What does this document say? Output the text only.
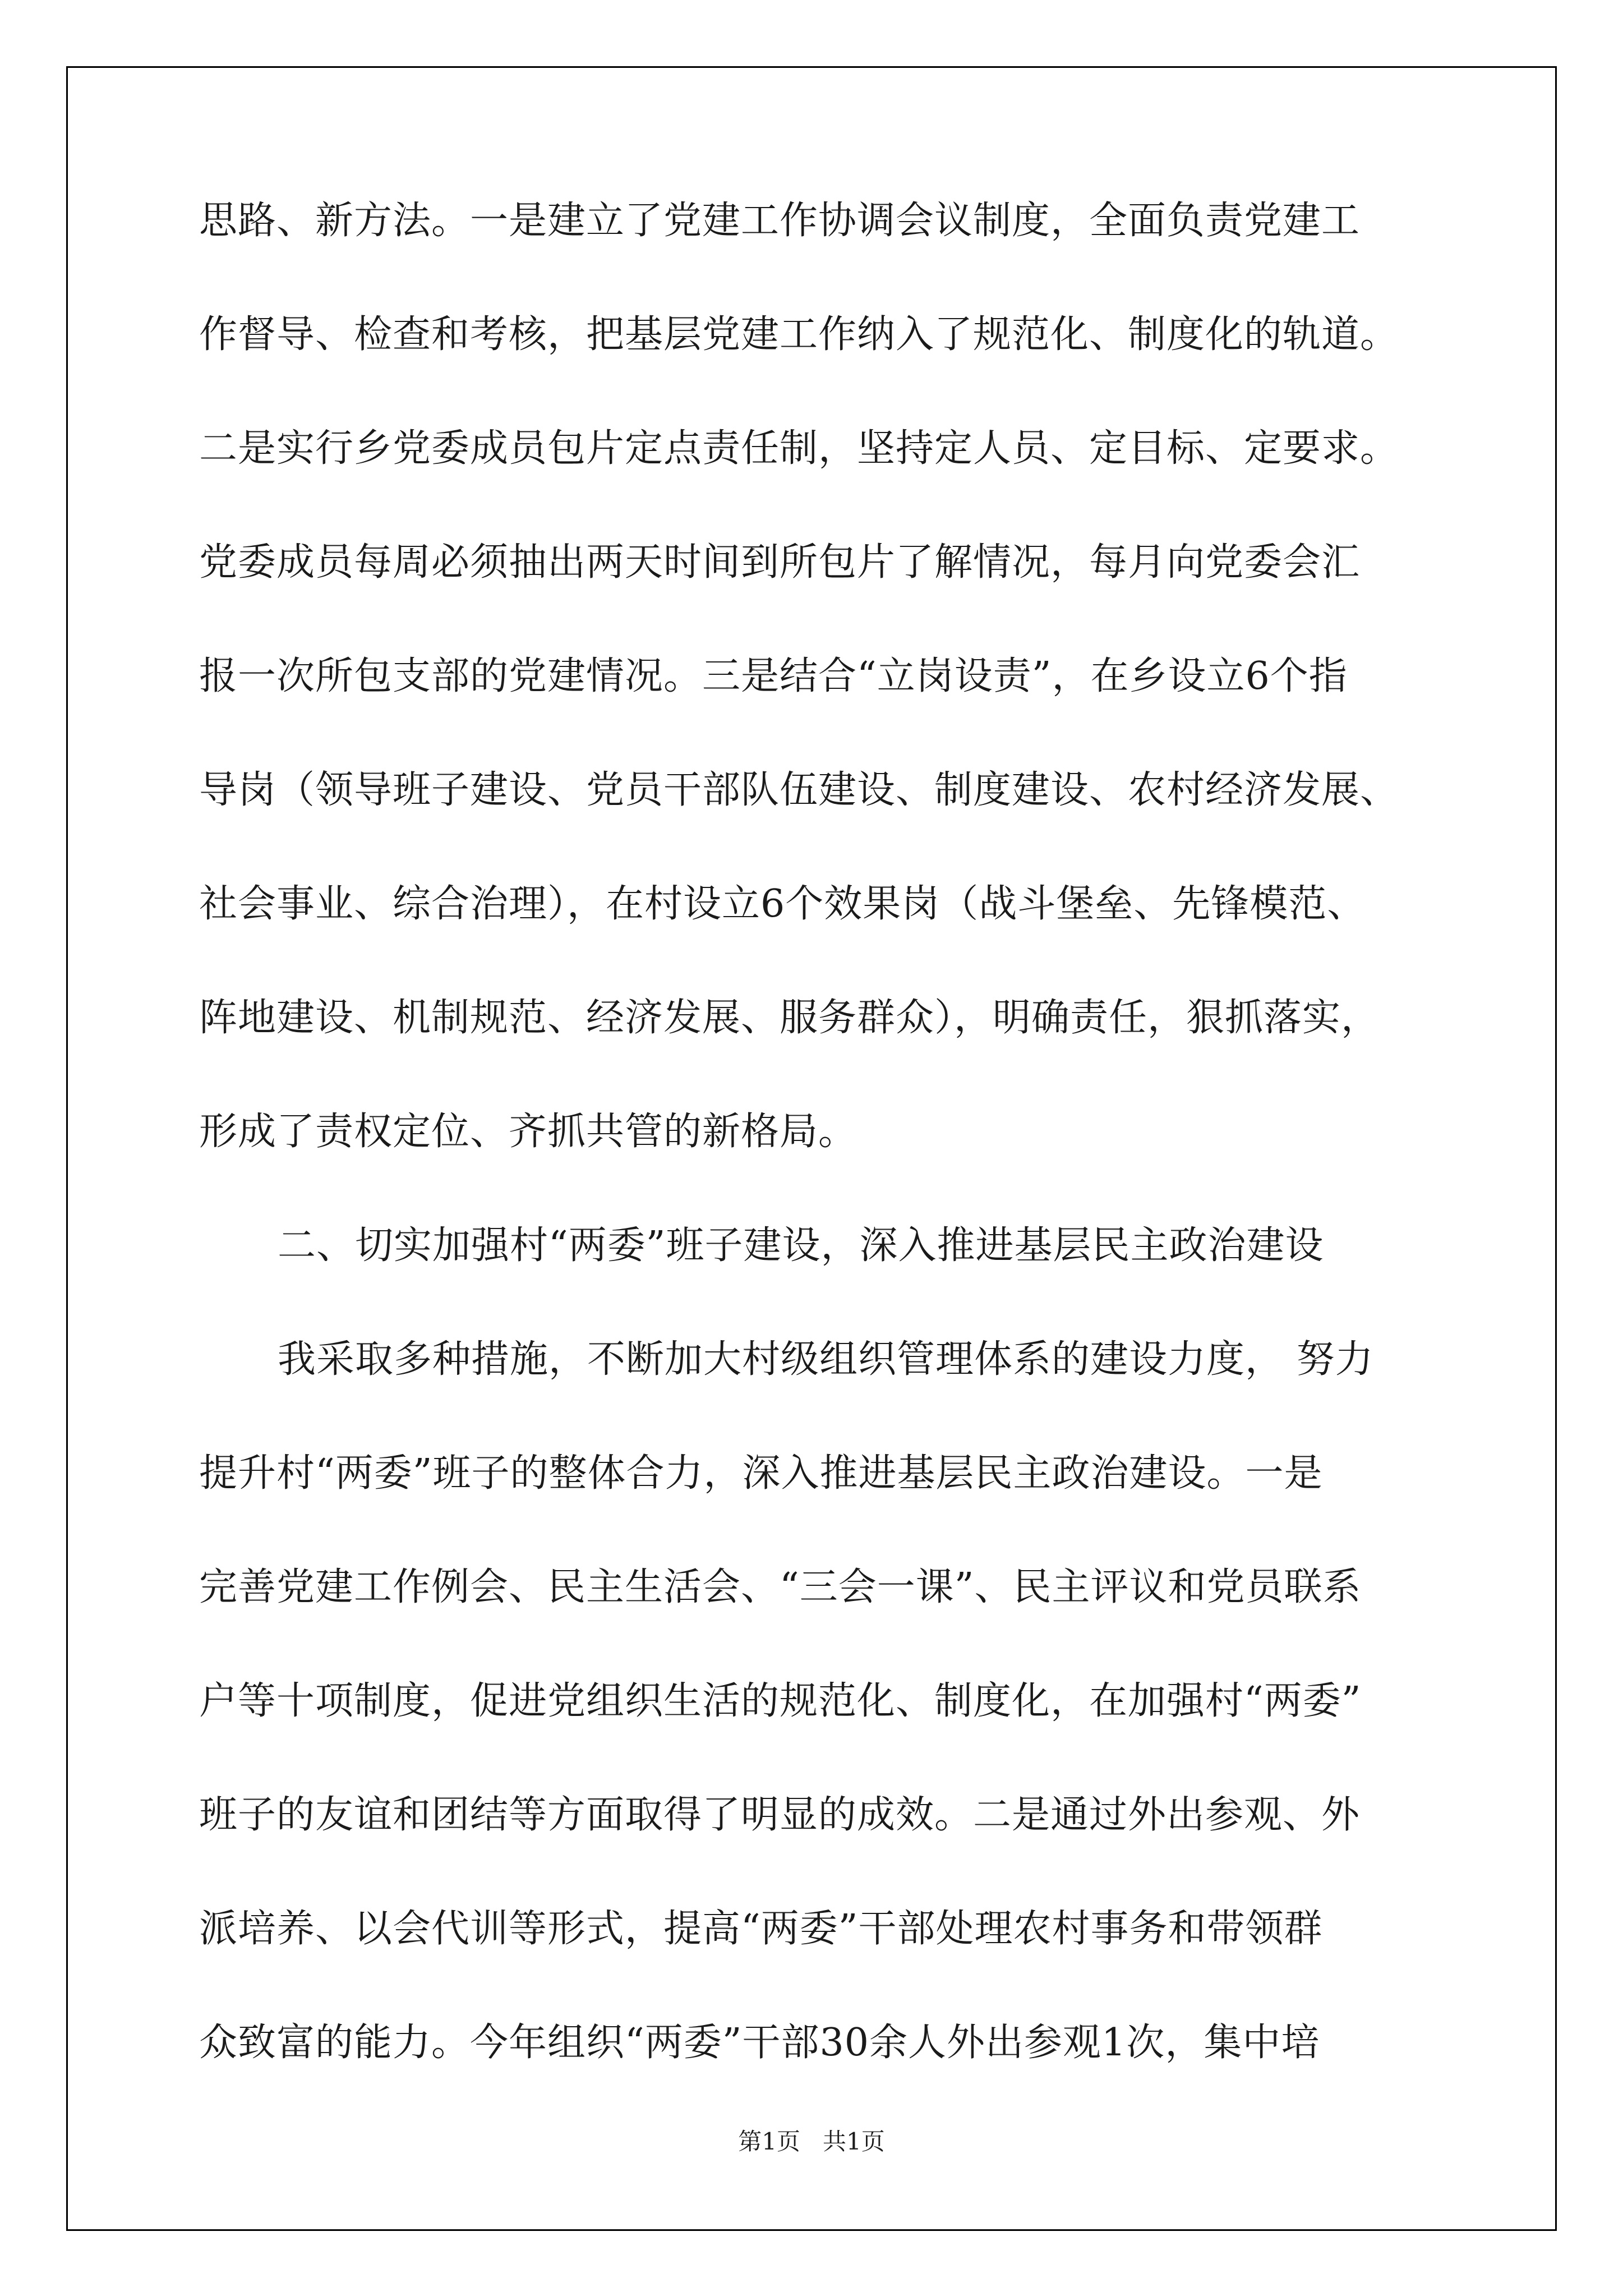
思路、新方法。一是建立了党建工作协调会议制度，全面负责党建工
作督导、检查和考核，把基层党建工作纳入了规范化、制度化的轨道。
二是实行乡党委成员包片定点责任制，坚持定人员、定目标、定要求。
党委成员每周必须抽出两天时间到所包片了解情况，每月向党委会汇
报一次所包支部的党建情况。三是结合“立岗设责”，在乡设立6个指
导岗（领导班子建设、党员干部队伍建设、制度建设、农村经济发展、
社会事业、综合治理），在村设立6个效果岗（战斗堡垒、先锋模范、
阵地建设、机制规范、经济发展、服务群众），明确责任，狠抓落实，
形成了责权定位、齐抓共管的新格局。
二、切实加强村“两委”班子建设，深入推进基层民主政治建设
我采取多种措施，不断加大村级组织管理体系的建设力度， 努力
提升村“两委”班子的整体合力，深入推进基层民主政治建设。一是
完善党建工作例会、民主生活会、“三会一课”、民主评议和党员联系
户等十项制度，促进党组织生活的规范化、制度化，在加强村“两委”
班子的友谊和团结等方面取得了明显的成效。二是通过外出参观、外
派培养、以会代训等形式，提高“两委”干部处理农村事务和带领群
众致富的能力。今年组织“两委”干部30余人外出参观1次，集中培
第1页   共1页
